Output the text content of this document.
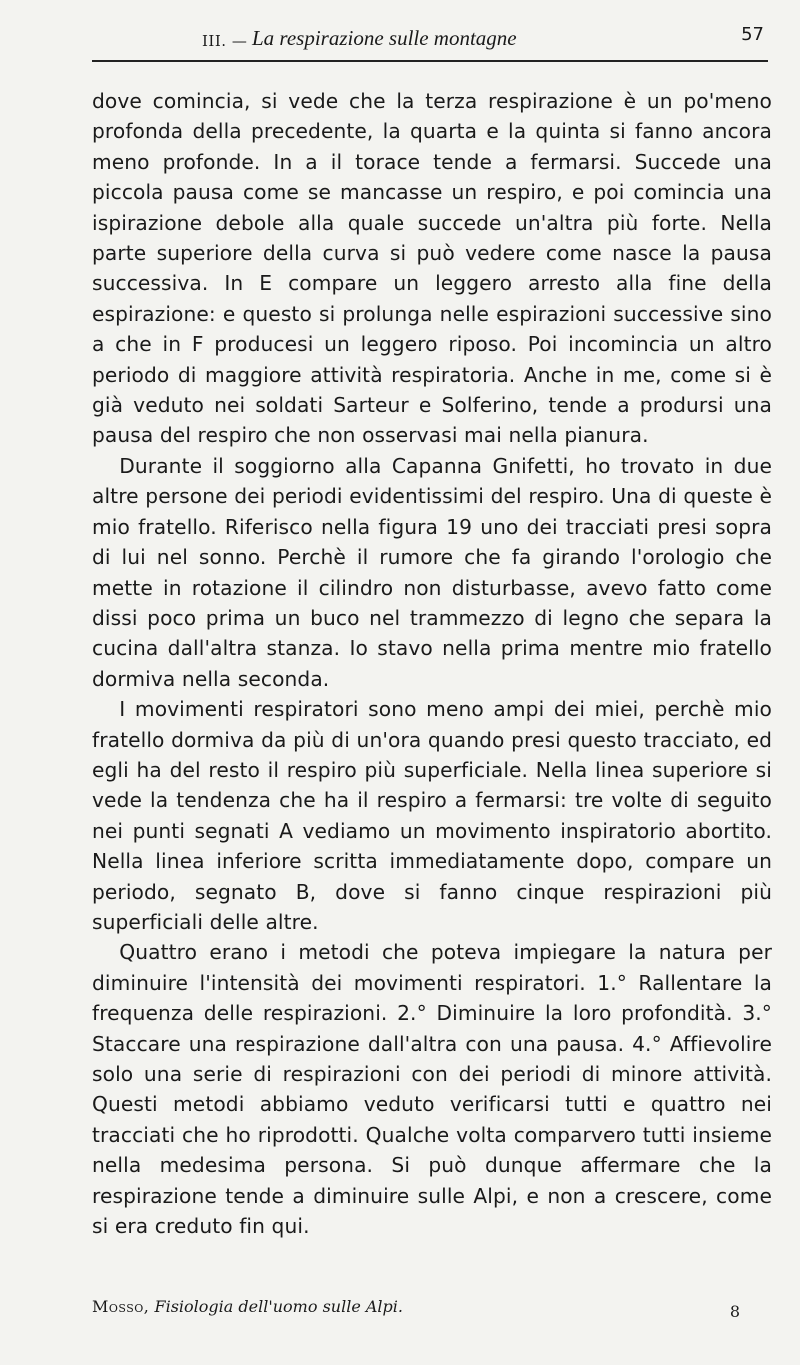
III. — La respirazione sulle montagne	57

dove comincia, si vede che la terza respirazione è un po'meno profonda della precedente, la quarta e la quinta si fanno ancora meno profonde. In a il torace tende a fermarsi. Succede una piccola pausa come se mancasse un respiro, e poi comincia una ispirazione debole alla quale succede un'altra più forte. Nella parte superiore della curva si può vedere come nasce la pausa successiva. In E compare un leggero arresto alla fine della espirazione: e questo si prolunga nelle espirazioni successive sino a che in F producesi un leggero riposo. Poi incomincia un altro periodo di maggiore attività respiratoria. Anche in me, come si è già veduto nei soldati Sarteur e Solferino, tende a prodursi una pausa del respiro che non osservasi mai nella pianura.

Durante il soggiorno alla Capanna Gnifetti, ho trovato in due altre persone dei periodi evidentissimi del respiro. Una di queste è mio fratello. Riferisco nella figura 19 uno dei tracciati presi sopra di lui nel sonno. Perchè il rumore che fa girando l'orologio che mette in rotazione il cilindro non disturbasse, avevo fatto come dissi poco prima un buco nel trammezzo di legno che separa la cucina dall'altra stanza. Io stavo nella prima mentre mio fratello dormiva nella seconda.

I movimenti respiratori sono meno ampi dei miei, perchè mio fratello dormiva da più di un'ora quando presi questo tracciato, ed egli ha del resto il respiro più superficiale. Nella linea superiore si vede la tendenza che ha il respiro a fermarsi: tre volte di seguito nei punti segnati A vediamo un movimento inspiratorio abortito. Nella linea inferiore scritta immediatamente dopo, compare un periodo, segnato B, dove si fanno cinque respirazioni più superficiali delle altre.

Quattro erano i metodi che poteva impiegare la natura per diminuire l'intensità dei movimenti respiratori. 1.° Rallentare la frequenza delle respirazioni. 2.° Diminuire la loro profondità. 3.° Staccare una respirazione dall'altra con una pausa. 4.° Affievolire solo una serie di respirazioni con dei periodi di minore attività. Questi metodi abbiamo veduto verificarsi tutti e quattro nei tracciati che ho riprodotti. Qualche volta comparvero tutti insieme nella medesima persona. Si può dunque affermare che la respirazione tende a diminuire sulle Alpi, e non a crescere, come si era creduto fin qui.

Mosso, Fisiologia dell'uomo sulle Alpi.	8
